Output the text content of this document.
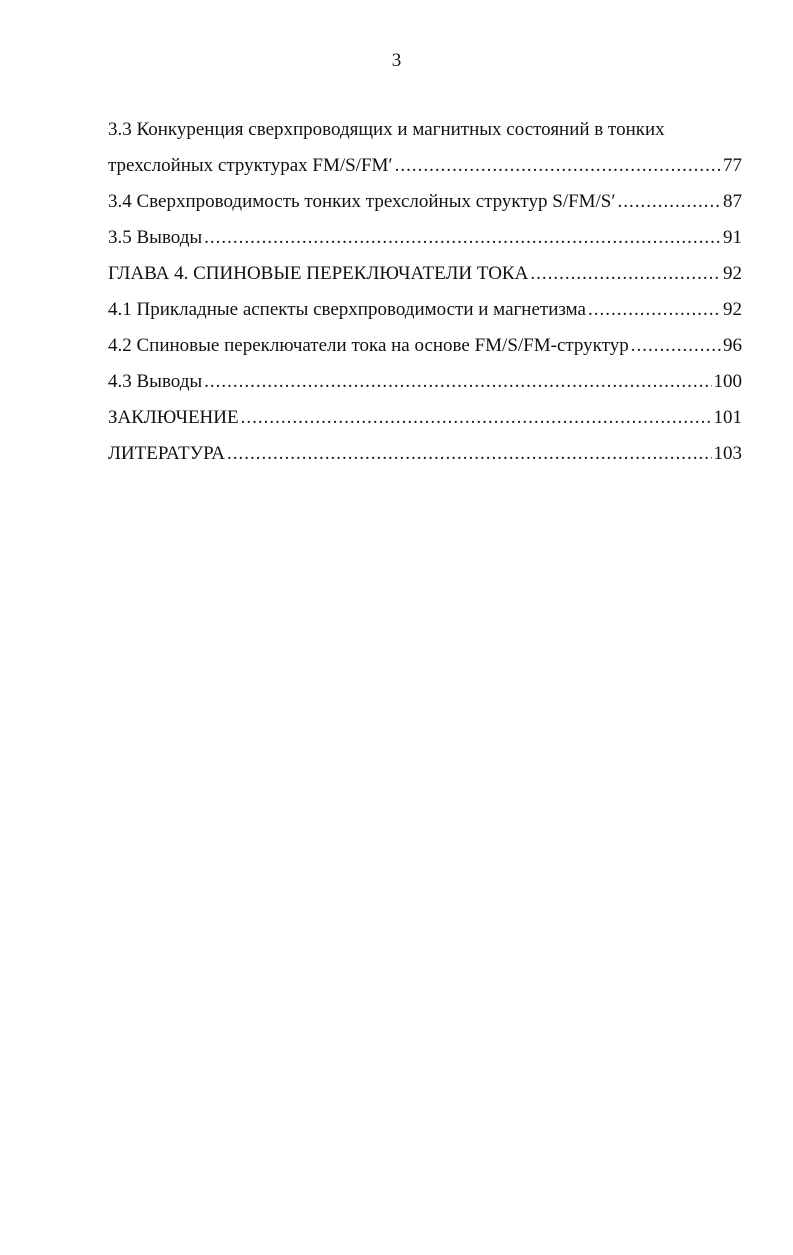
3
3.3 Конкуренция сверхпроводящих и магнитных состояний в тонких
трехслойных структурах FM/S/FM′ .....	77
3.4 Сверхпроводимость тонких трехслойных структур S/FM/S′ .....	87
3.5 Выводы .....	91
ГЛАВА 4. СПИНОВЫЕ ПЕРЕКЛЮЧАТЕЛИ ТОКА .....	92
4.1 Прикладные аспекты сверхпроводимости и магнетизма .....	92
4.2 Спиновые переключатели тока на основе FM/S/FM-структур .....	96
4.3 Выводы .....	100
ЗАКЛЮЧЕНИЕ .....	101
ЛИТЕРАТУРА .....	103
